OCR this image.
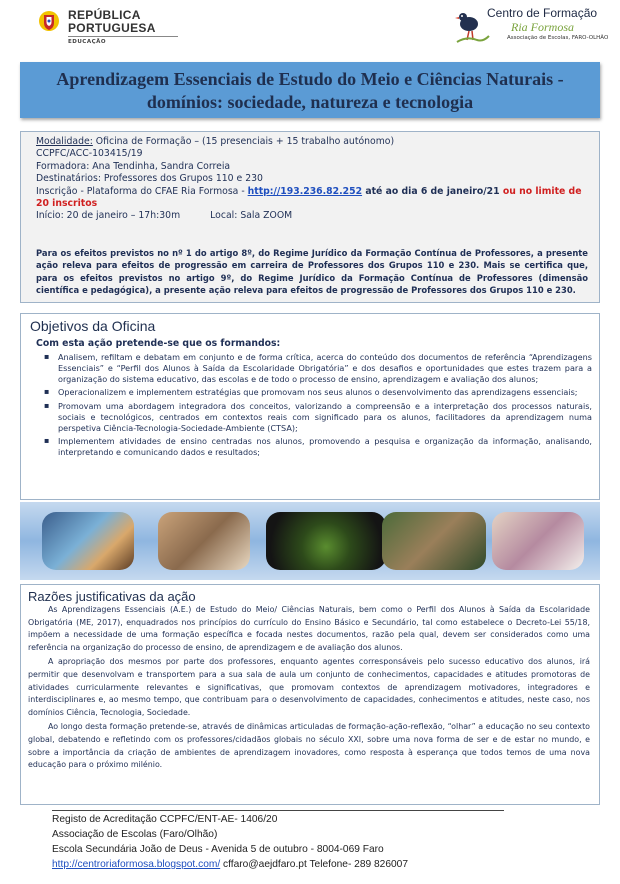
REPÚBLICA
PORTUGUESA
EDUCAÇÃO
Centro de Formação
Ria Formosa
Associação de Escolas, FARO-OLHÃO
Aprendizagem Essenciais de Estudo do Meio e Ciências Naturais - domínios: sociedade, natureza e tecnologia
Modalidade: Oficina de Formação – (15 presenciais + 15 trabalho autónomo)
CCPFC/ACC-103415/19
Formadora: Ana Tendinha, Sandra Correia
Destinatários: Professores dos Grupos 110 e 230
Inscrição - Plataforma do CFAE Ria Formosa - http://193.236.82.252 até ao dia 6 de janeiro/21 ou no limite de 20 inscritos
Início: 20 de janeiro – 17h:30m	Local: Sala ZOOM
Para os efeitos previstos no nº 1 do artigo 8º, do Regime Jurídico da Formação Contínua de Professores, a presente ação releva para efeitos de progressão em carreira de Professores dos Grupos 110 e 230. Mais se certifica que, para os efeitos previstos no artigo 9º, do Regime Jurídico da Formação Contínua de Professores (dimensão científica e pedagógica), a presente ação releva para efeitos de progressão de Professores dos Grupos 110 e 230.
Objetivos da Oficina
Com esta ação pretende-se que os formandos:
▪ Analisem, refiltam e debatam em conjunto e de forma crítica, acerca do conteúdo dos documentos de referência “Aprendizagens Essenciais” e “Perfil dos Alunos à Saída da Escolaridade Obrigatória” e dos desafios e oportunidades que estes trazem para a organização do sistema educativo, das escolas e de todo o processo de ensino, aprendizagem e avaliação dos alunos;
▪ Operacionalizem e implementem estratégias que promovam nos seus alunos o desenvolvimento das aprendizagens essenciais;
▪ Promovam uma abordagem integradora dos conceitos, valorizando a compreensão e a interpretação dos processos naturais, sociais e tecnológicos, centrados em contextos reais com significado para os alunos, facilitadores da aprendizagem numa perspetiva Ciência-Tecnologia-Sociedade-Ambiente (CTSA);
▪ Implementem atividades de ensino centradas nos alunos, promovendo a pesquisa e organização da informação, analisando, interpretando e comunicando dados e resultados;
Razões justificativas da ação

As Aprendizagens Essenciais (A.E.) de Estudo do Meio/ Ciências Naturais, bem como o Perfil dos Alunos à Saída da Escolaridade Obrigatória (ME, 2017), enquadrados nos princípios do currículo do Ensino Básico e Secundário, tal como estabelece o Decreto-Lei 55/18, impõem a necessidade de uma formação específica e focada nestes documentos, razão pela qual, devem ser considerados como uma referência na organização do processo de ensino, de aprendizagem e de avaliação dos alunos.

A apropriação dos mesmos por parte dos professores, enquanto agentes corresponsáveis pelo sucesso educativo dos alunos, irá permitir que desenvolvam e transportem para a sua sala de aula um conjunto de conhecimentos, capacidades e atitudes promotoras de atividades curricularmente relevantes e significativas, que promovam contextos de aprendizagem motivadores, integradores e interdisciplinares e, ao mesmo tempo, que contribuam para o desenvolvimento de capacidades, conhecimentos e atitudes, neste caso, nos domínios Ciência, Tecnologia, Sociedade.

Ao longo desta formação pretende-se, através de dinâmicas articuladas de formação-ação-reflexão, “olhar” a educação no seu contexto global, debatendo e refletindo com os professores/cidadãos globais no século XXI, sobre uma nova forma de ser e de estar no mundo, e sobre a importância da criação de ambientes de aprendizagem inovadores, como resposta à esperança que todos temos de uma nova educação para o próximo milénio.

Registo de Acreditação CCPFC/ENT-AE- 1406/20
Associação de Escolas (Faro/Olhão)
Escola Secundária João de Deus - Avenida 5 de outubro - 8004-069 Faro
http://centroriaformosa.blogspot.com/ cffaro@aejdfaro.pt Telefone- 289 826007
